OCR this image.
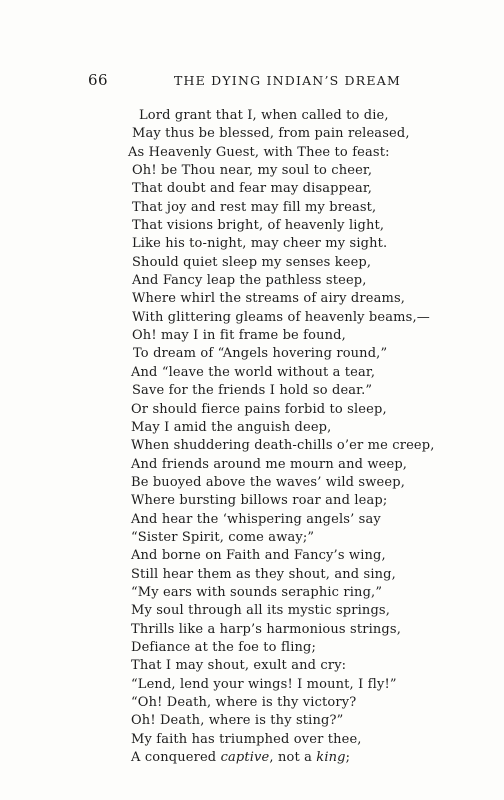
66	THE DYING INDIAN’S DREAM
Lord grant that I, when called to die,
May thus be blessed, from pain released,
As Heavenly Guest, with Thee to feast:
Oh! be Thou near, my soul to cheer,
That doubt and fear may disappear,
That joy and rest may fill my breast,
That visions bright, of heavenly light,
Like his to-night, may cheer my sight.
Should quiet sleep my senses keep,
And Fancy leap the pathless steep,
Where whirl the streams of airy dreams,
With glittering gleams of heavenly beams,—
Oh! may I in fit frame be found,
To dream of “Angels hovering round,”
And “leave the world without a tear,
Save for the friends I hold so dear.”
Or should fierce pains forbid to sleep,
May I amid the anguish deep,
When shuddering death-chills o’er me creep,
And friends around me mourn and weep,
Be buoyed above the waves’ wild sweep,
Where bursting billows roar and leap;
And hear the ‘whispering angels’ say
“Sister Spirit, come away;”
And borne on Faith and Fancy’s wing,
Still hear them as they shout, and sing,
“My ears with sounds seraphic ring,”
My soul through all its mystic springs,
Thrills like a harp’s harmonious strings,
Defiance at the foe to fling;
That I may shout, exult and cry:
“Lend, lend your wings! I mount, I fly!”
“Oh! Death, where is thy victory?
Oh! Death, where is thy sting?”
My faith has triumphed over thee,
A conquered captive, not a king;
